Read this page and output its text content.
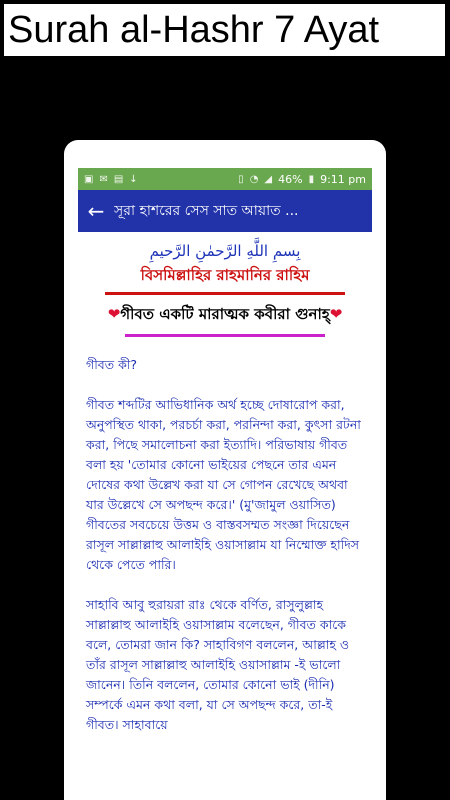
Surah al-Hashr 7 Ayat
▣ ✉ ▤ ↓	▯ ◔ ◢ 46% ▮ 9:11 pm
← সূরা হাশরের সেস সাত আয়াত ...
بِسمِ اللَّهِ الرَّحمٰنِ الرَّحيمِ
বিসমিল্লাহির রাহমানির রাহিম
❤গীবত একটি মারাত্মক কবীরা গুনাহ্❤

গীবত কী?

গীবত শব্দটির আভিধানিক অর্থ হচ্ছে দোষারোপ করা, অনুপস্থিত থাকা, পরচর্চা করা, পরনিন্দা করা, কুৎসা রটনা করা, পিছে সমালোচনা করা ইত্যাদি। পরিভাষায় গীবত বলা হয় 'তোমার কোনো ভাইয়ের পেছনে তার এমন দোষের কথা উল্লেখ করা যা সে গোপন রেখেছে অথবা যার উল্লেখে সে অপছন্দ করে।' (মু'জামুল ওয়াসিত) গীবতের সবচেয়ে উত্তম ও বাস্তবসম্মত সংজ্ঞা দিয়েছেন রাসূল সাল্লাল্লাহু আলাইহি ওয়াসাল্লাম যা নিম্মোক্ত হাদিস থেকে পেতে পারি।

সাহাবি আবু হুরায়রা রাঃ থেকে বর্ণিত, রাসুলুল্লাহ সাল্লাল্লাহু আলাইহি ওয়াসাল্লাম বলেছেন, গীবত কাকে বলে, তোমরা জান কি? সাহাবিগণ বললেন, আল্লাহ ও তাঁর রাসূল সাল্লাল্লাহু আলাইহি ওয়াসাল্লাম -ই ভালো জানেন। তিনি বললেন, তোমার কোনো ভাই (দীনি) সম্পর্কে এমন কথা বলা, যা সে অপছন্দ করে, তা-ই গীবত। সাহাবায়ে
